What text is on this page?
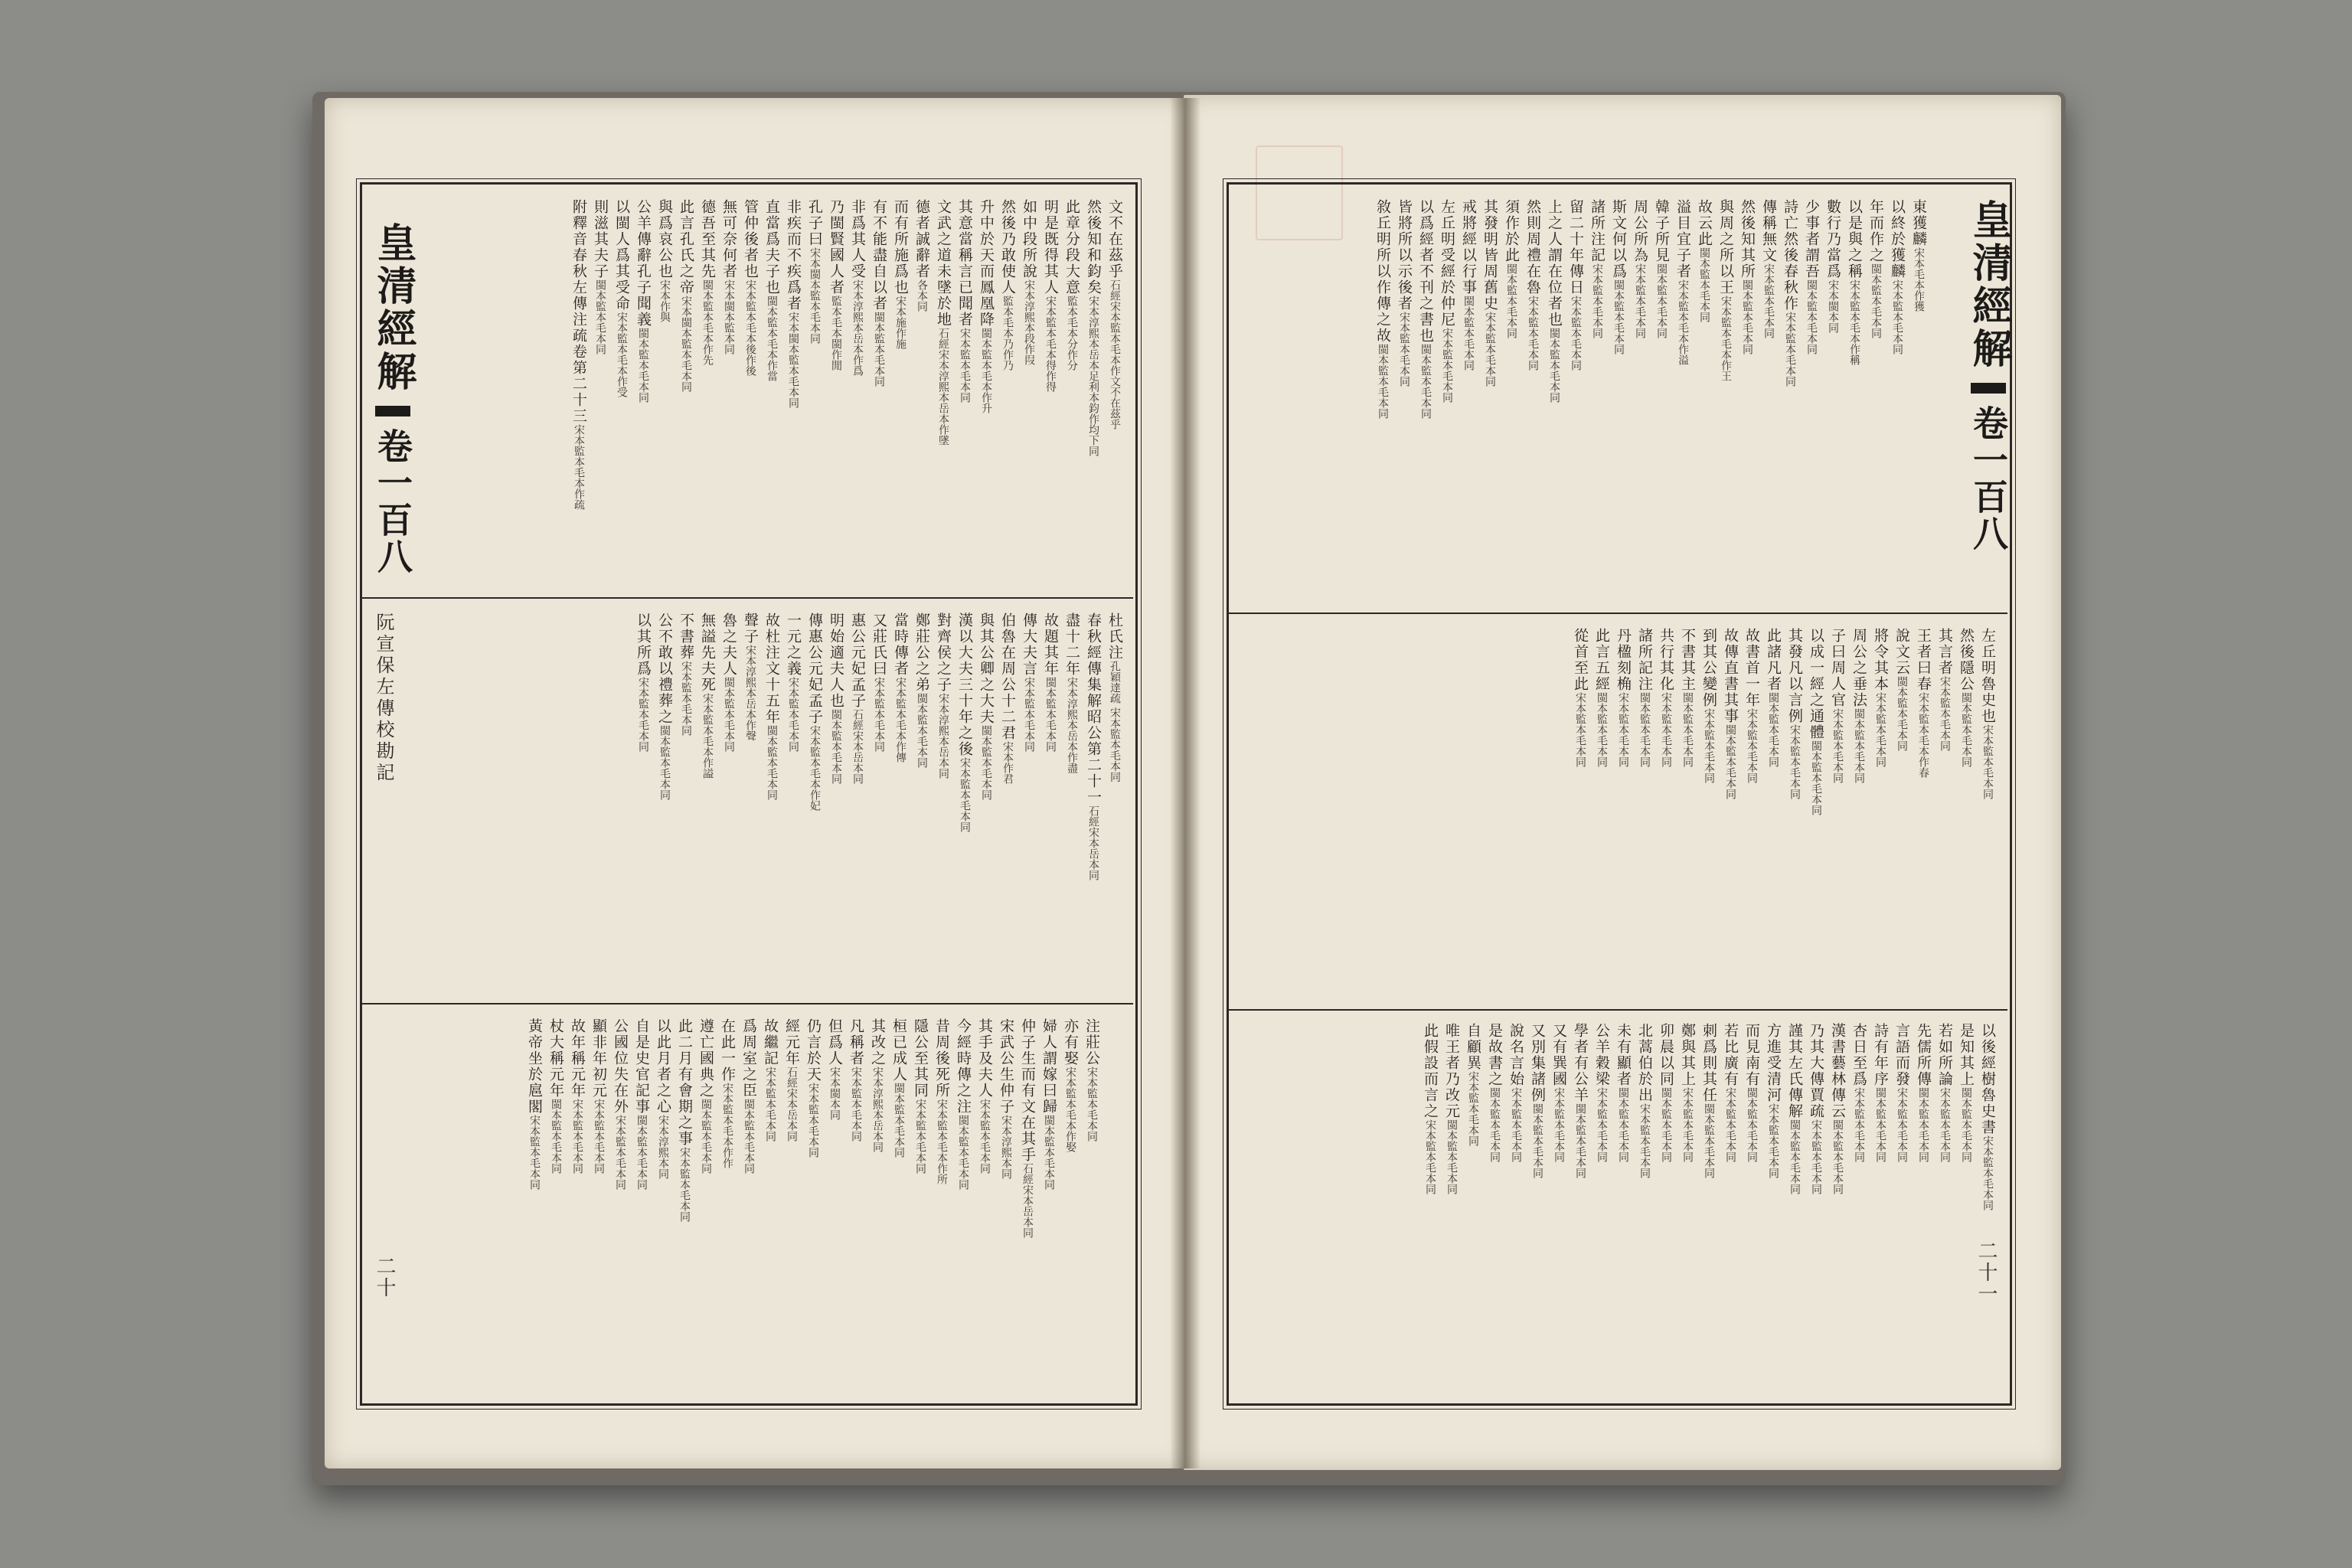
文不在茲乎石經宋本監本毛本作文不在茲乎

然後知和鈞矣宋本淳熙本岳本足利本鈞作均下同

此章分段大意監本毛本分作分

明是既得其人宋本監本毛本得作得

如中段所說宋本淳熙本段作叚

然後乃敢使人監本毛本乃作乃

升中於天而鳳凰降閩本監本毛本作升

其意當稱言已聞者宋本監本毛本同

文武之道未墜於地石經宋本淳熙本岳本作墜

德者誠辭者各本同

而有所施爲也宋本施作施

有不能盡自以者閩本監本毛本同

非爲其人受宋本淳熙本岳本作爲

乃閩賢國人者監本毛本閩作閒

孔子曰宋本閩本監本毛本同

非疾而不疾爲者宋本閩本監本毛本同

直當爲夫子也閩本監本毛本作當

管仲後者也宋本監本毛本後作後

無可奈何者宋本閩本監本同

德吾至其先閩本監本毛本作先

此言孔氏之帝宋本閩本監本毛本同

與爲哀公也宋本作與

公羊傳辭孔子聞義閩本監本毛本同

以閩人爲其受命宋本監本毛本作受

則滋其夫子閩本監本毛本同

附釋音春秋左傳注疏卷第二十三宋本監本毛本作疏

杜氏注孔穎達疏 宋本監本毛本同

春秋經傳集解昭公第二十一石經宋本岳本同

盡十二年宋本淳熙本岳本作盡

故題其年閩本監本毛本同

傳大夫言宋本監本毛本同

伯魯在周公十二君宋本作君

與其公卿之大夫閩本監本毛本同

漢以大夫三十年之後宋本監本毛本同

對齊侯之子宋本淳熙本岳本同

鄭莊公之弟閩本監本毛本同

當時傳者宋本監本毛本作傳

又莊氏曰宋本監本毛本同

惠公元妃孟子石經宋本岳本同

明始適夫人也閩本監本毛本同

傳惠公元妃孟子宋本監本毛本作妃

一元之義宋本監本毛本同

故杜注文十五年閩本監本毛本同

聲子宋本淳熙本岳本作聲

魯之夫人閩本監本毛本同

無謚先夫死宋本監本毛本作謚

不書葬宋本監本毛本同

公不敢以禮葬之閩本監本毛本同

以其所爲宋本監本毛本同

注莊公宋本監本毛本同

亦有娶宋本監本毛本作娶

婦人謂嫁曰歸閩本監本毛本同

仲子生而有文在其手石經宋本岳本同

宋武公生仲子宋本淳熙本同

其手及夫人宋本監本毛本同

今經時傳之注閩本監本毛本同

昔周後死所宋本監本毛本作所

隱公至其同宋本監本毛本同

桓已成人閩本監本毛本同

其改之宋本淳熙本岳本同

凡稱者宋本監本毛本同

但爲人宋本閩本同

仍言於天宋本監本毛本同

經元年石經宋本岳本同

故繼記宋本監本毛本同

爲周室之臣閩本監本毛本同

在此一作宋本監本毛本作作

遵亡國典之閩本監本毛本同

此二月有會期之事宋本監本毛本同

以此月者之心宋本淳熙本同

自是史官記事閩本監本毛本同

公國位失在外宋本監本毛本同

顯非年初元宋本監本毛本同

故年稱元年宋本監本毛本同

杖大稱元年閩本監本毛本同

黃帝坐於扈閣宋本監本毛本同

皇清經解  卷一百八
阮宣保左傳校勘記
二十

東獲麟宋本毛本作獲

以終於獲麟宋本監本毛本同

年而作之閩本監本毛本同

以是與之稱宋本監本毛本作稱

數行乃當爲宋本閩本同

少事者謂吾閩本監本毛本同

詩亡然後春秋作宋本監本毛本同

傳稱無文宋本監本毛本同

然後知其所閩本監本毛本同

與周之所以王宋本監本毛本作王

故云此閩本監本毛本同

溢目宜子者宋本監本毛本作溢

韓子所見閩本監本毛本同

周公所為宋本監本毛本同

斯文何以爲閩本監本毛本同

諸所注記宋本監本毛本同

留二十年傳日宋本監本毛本同

上之人謂在位者也閩本監本毛本同

然則周禮在魯宋本監本毛本同

須作於此閩本監本毛本同

其發明皆周舊史宋本監本毛本同

戒將經以行事閩本監本毛本同

左丘明受經於仲尼宋本監本毛本同

以爲經者不刊之書也閩本監本毛本同

皆將所以示後者宋本監本毛本同

敘丘明所以作傳之故閩本監本毛本同

左丘明魯史也宋本監本毛本同

然後隱公閩本監本毛本同

其言者宋本監本毛本同

王者曰春宋本監本毛本作春

說文云閩本監本毛本同

將令其本宋本監本毛本同

周公之垂法閩本監本毛本同

子曰周人官宋本監本毛本同

以成一經之通體閩本監本毛本同

其發凡以言例宋本監本毛本同

此諸凡者閩本監本毛本同

故書首一年宋本監本毛本同

故傳直書其事閩本監本毛本同

到其公變例宋本監本毛本同

不書其主閩本監本毛本同

共行其化宋本監本毛本同

諸所記注閩本監本毛本同

丹楹刻桷宋本監本毛本同

此言五經閩本監本毛本同

從首至此宋本監本毛本同

以後經樹魯史書宋本監本毛本同

是知其上閩本監本毛本同

若如所論宋本監本毛本同

先儒所傳閩本監本毛本同

言語而發宋本監本毛本同

詩有年序閩本監本毛本同

杏日至爲宋本監本毛本同

漢書藝林傳云閩本監本毛本同

乃其大傳賈疏宋本監本毛本同

謹其左氏傳解閩本監本毛本同

方進受清河宋本監本毛本同

而見南有閩本監本毛本同

若比廣有宋本監本毛本同

刺爲則其任閩本監本毛本同

鄭與其上宋本監本毛本同

卯晨以同閩本監本毛本同

北蒿伯於出宋本監本毛本同

未有顯者閩本監本毛本同

公羊穀梁宋本監本毛本同

學者有公羊閩本監本毛本同

又有巽國宋本監本毛本同

又別集諸例閩本監本毛本同

說名言始宋本監本毛本同

是故書之閩本監本毛本同

自顧異宋本監本毛本同

唯王者乃改元閩本監本毛本同

此假設而言之宋本監本毛本同

皇清經解  卷一百八
二十一
